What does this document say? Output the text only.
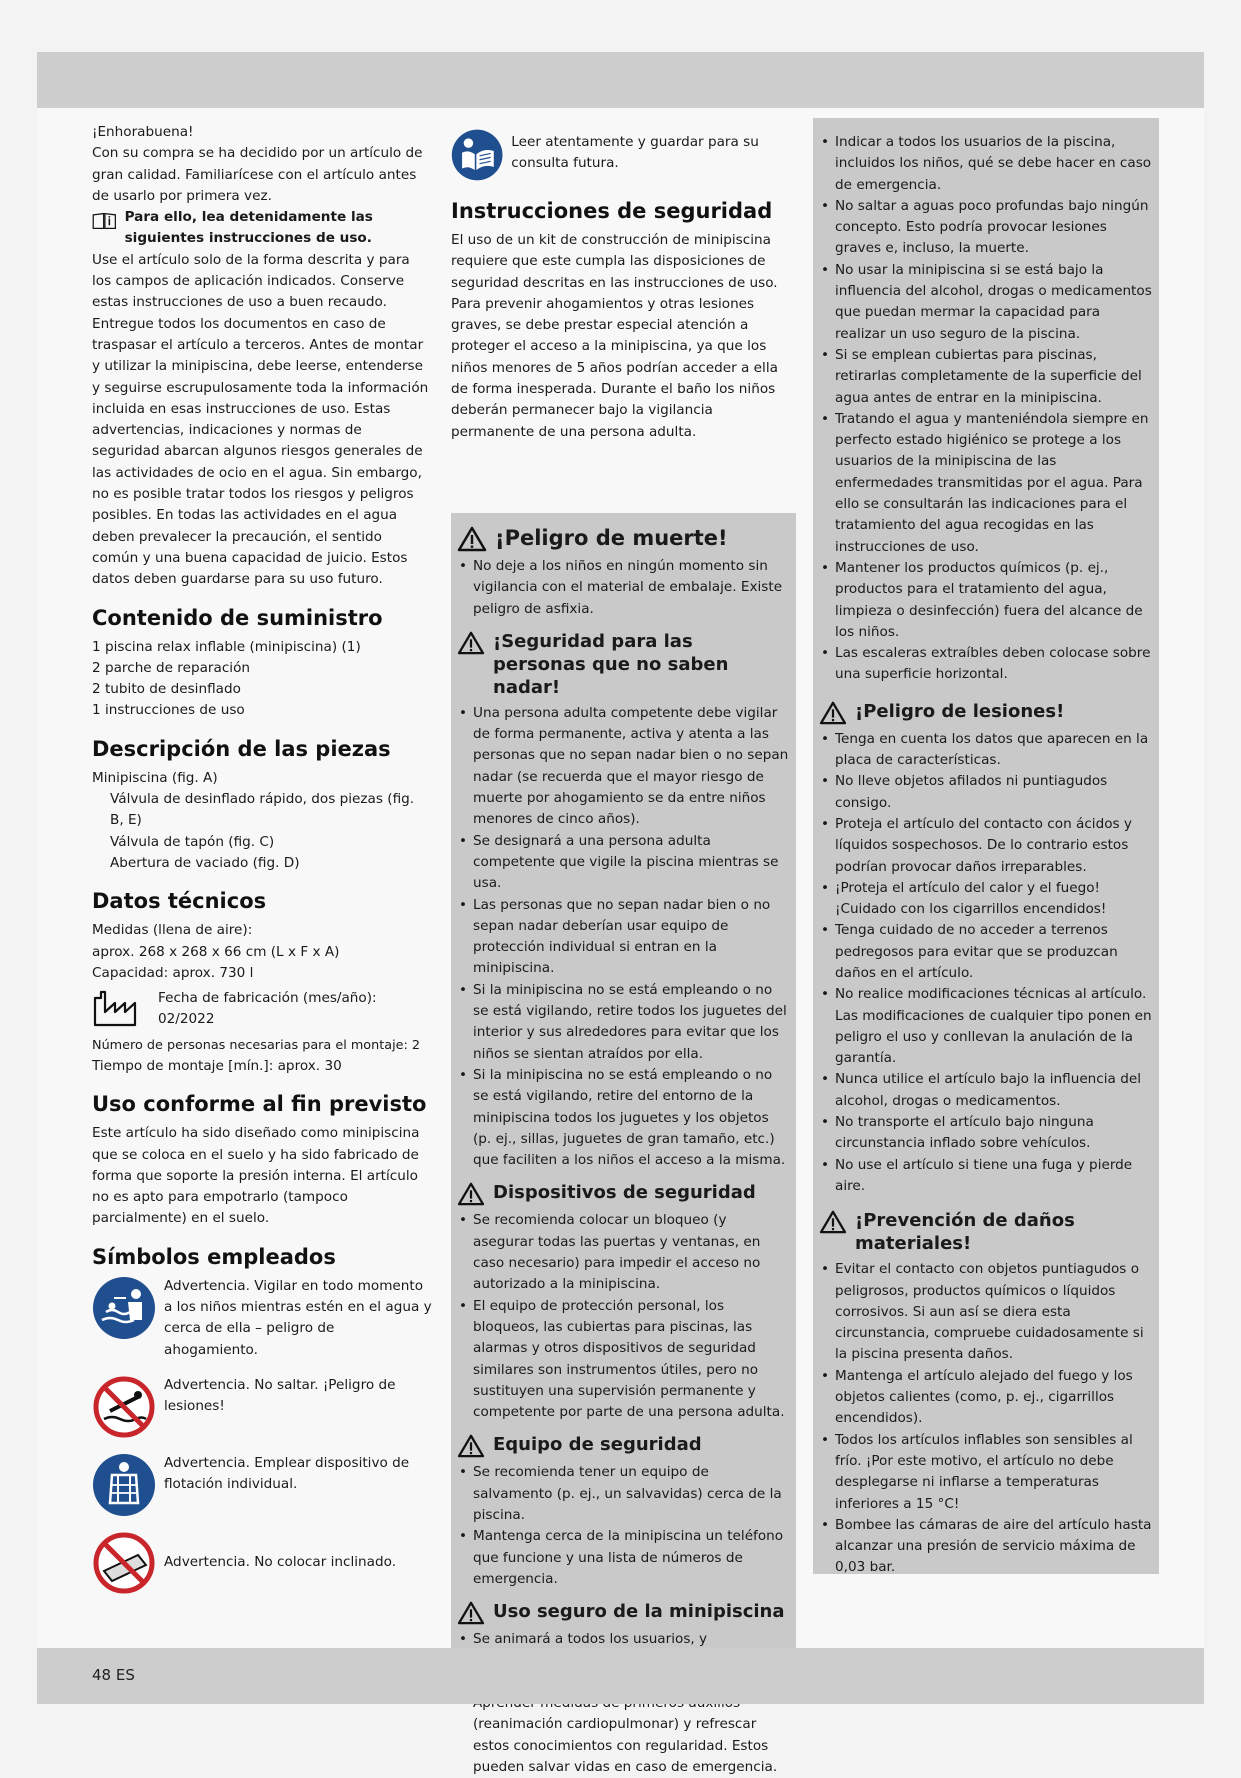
¡Enhorabuena!

Con su compra se ha decidido por un artículo de gran calidad. Familiarícese con el artículo antes de usarlo por primera vez.

Para ello, lea detenidamente las siguientes instrucciones de uso.

Use el artículo solo de la forma descrita y para los campos de aplicación indicados. Conserve estas instrucciones de uso a buen recaudo. Entregue todos los documentos en caso de traspasar el artículo a terceros. Antes de montar y utilizar la minipiscina, debe leerse, entenderse y seguirse escrupulosamente toda la información incluida en esas instrucciones de uso. Estas advertencias, indicaciones y normas de seguridad abarcan algunos riesgos generales de las actividades de ocio en el agua. Sin embargo, no es posible tratar todos los riesgos y peligros posibles. En todas las actividades en el agua deben prevalecer la precaución, el sentido común y una buena capacidad de juicio. Estos datos deben guardarse para su uso futuro.

Contenido de suministro

1 piscina relax inflable (minipiscina) (1)

2 parche de reparación

2 tubito de desinflado

1 instrucciones de uso

Descripción de las piezas

Minipiscina (fig. A)

Válvula de desinflado rápido, dos piezas (fig. B, E)

Válvula de tapón (fig. C)

Abertura de vaciado (fig. D)

Datos técnicos

Medidas (llena de aire):

aprox. 268 x 268 x 66 cm (L x F x A)

Capacidad: aprox. 730 l

Fecha de fabricación (mes/año):

02/2022

Número de personas necesarias para el montaje: 2

Tiempo de montaje [mín.]: aprox. 30

Uso conforme al fin previsto

Este artículo ha sido diseñado como minipiscina que se coloca en el suelo y ha sido fabricado de forma que soporte la presión interna. El artículo no es apto para empotrarlo (tampoco parcialmente) en el suelo.

Símbolos empleados
Advertencia. Vigilar en todo momento a los niños mientras estén en el agua y cerca de ella – peligro de ahogamiento.
Advertencia. No saltar. ¡Peligro de lesiones!
Advertencia. Emplear dispositivo de flotación individual.
Advertencia. No colocar inclinado.
Leer atentamente y guardar para su consulta futura.
Instrucciones de seguridad

El uso de un kit de construcción de minipiscina requiere que este cumpla las disposiciones de seguridad descritas en las instrucciones de uso. Para prevenir ahogamientos y otras lesiones graves, se debe prestar especial atención a proteger el acceso a la minipiscina, ya que los niños menores de 5 años podrían acceder a ella de forma inesperada. Durante el baño los niños deberán permanecer bajo la vigilancia permanente de una persona adulta.

¡Peligro de muerte!
• No deje a los niños en ningún momento sin vigilancia con el material de embalaje. Existe peligro de asfixia.
¡Seguridad para las personas que no saben nadar!
• Una persona adulta competente debe vigilar de forma permanente, activa y atenta a las personas que no sepan nadar bien o no sepan nadar (se recuerda que el mayor riesgo de muerte por ahogamiento se da entre niños menores de cinco años).
• Se designará a una persona adulta competente que vigile la piscina mientras se usa.
• Las personas que no sepan nadar bien o no sepan nadar deberían usar equipo de protección individual si entran en la minipiscina.
• Si la minipiscina no se está empleando o no se está vigilando, retire todos los juguetes del interior y sus alrededores para evitar que los niños se sientan atraídos por ella.
• Si la minipiscina no se está empleando o no se está vigilando, retire del entorno de la minipiscina todos los juguetes y los objetos (p. ej., sillas, juguetes de gran tamaño, etc.) que faciliten a los niños el acceso a la misma.
Dispositivos de seguridad
• Se recomienda colocar un bloqueo (y asegurar todas las puertas y ventanas, en caso necesario) para impedir el acceso no autorizado a la minipiscina.
• El equipo de protección personal, los bloqueos, las cubiertas para piscinas, las alarmas y otros dispositivos de seguridad similares son instrumentos útiles, pero no sustituyen una supervisión permanente y competente por parte de una persona adulta.
Equipo de seguridad
• Se recomienda tener un equipo de salvamento (p. ej., un salvavidas) cerca de la piscina.
• Mantenga cerca de la minipiscina un teléfono que funcione y una lista de números de emergencia.
Uso seguro de la minipiscina
• Se animará a todos los usuarios, y
• (reanimación cardiopulmonar) y refrescar estos conocimientos con regularidad. Estos pueden salvar vidas en caso de emergencia.
• Indicar a todos los usuarios de la piscina, incluidos los niños, qué se debe hacer en caso de emergencia.
• No saltar a aguas poco profundas bajo ningún concepto. Esto podría provocar lesiones graves e, incluso, la muerte.
• No usar la minipiscina si se está bajo la influencia del alcohol, drogas o medicamentos que puedan mermar la capacidad para realizar un uso seguro de la piscina.
• Si se emplean cubiertas para piscinas, retirarlas completamente de la superficie del agua antes de entrar en la minipiscina.
• Tratando el agua y manteniéndola siempre en perfecto estado higiénico se protege a los usuarios de la minipiscina de las enfermedades transmitidas por el agua. Para ello se consultarán las indicaciones para el tratamiento del agua recogidas en las instrucciones de uso.
• Mantener los productos químicos (p. ej., productos para el tratamiento del agua, limpieza o desinfección) fuera del alcance de los niños.
• Las escaleras extraíbles deben colocase sobre una superficie horizontal.
¡Peligro de lesiones!
• Tenga en cuenta los datos que aparecen en la placa de características.
• No lleve objetos afilados ni puntiagudos consigo.
• Proteja el artículo del contacto con ácidos y líquidos sospechosos. De lo contrario estos podrían provocar daños irreparables.
• ¡Proteja el artículo del calor y el fuego! ¡Cuidado con los cigarrillos encendidos!
• Tenga cuidado de no acceder a terrenos pedregosos para evitar que se produzcan daños en el artículo.
• No realice modificaciones técnicas al artículo. Las modificaciones de cualquier tipo ponen en peligro el uso y conllevan la anulación de la garantía.
• Nunca utilice el artículo bajo la influencia del alcohol, drogas o medicamentos.
• No transporte el artículo bajo ninguna circunstancia inflado sobre vehículos.
• No use el artículo si tiene una fuga y pierde aire.
¡Prevención de daños materiales!
• Evitar el contacto con objetos puntiagudos o peligrosos, productos químicos o líquidos corrosivos. Si aun así se diera esta circunstancia, compruebe cuidadosamente si la piscina presenta daños.
• Mantenga el artículo alejado del fuego y los objetos calientes (como, p. ej., cigarrillos encendidos).
• Todos los artículos inflables son sensibles al frío. ¡Por este motivo, el artículo no debe desplegarse ni inflarse a temperaturas inferiores a 15 °C!
• Bombee las cámaras de aire del artículo hasta alcanzar una presión de servicio máxima de 0,03 bar.
48 ES
